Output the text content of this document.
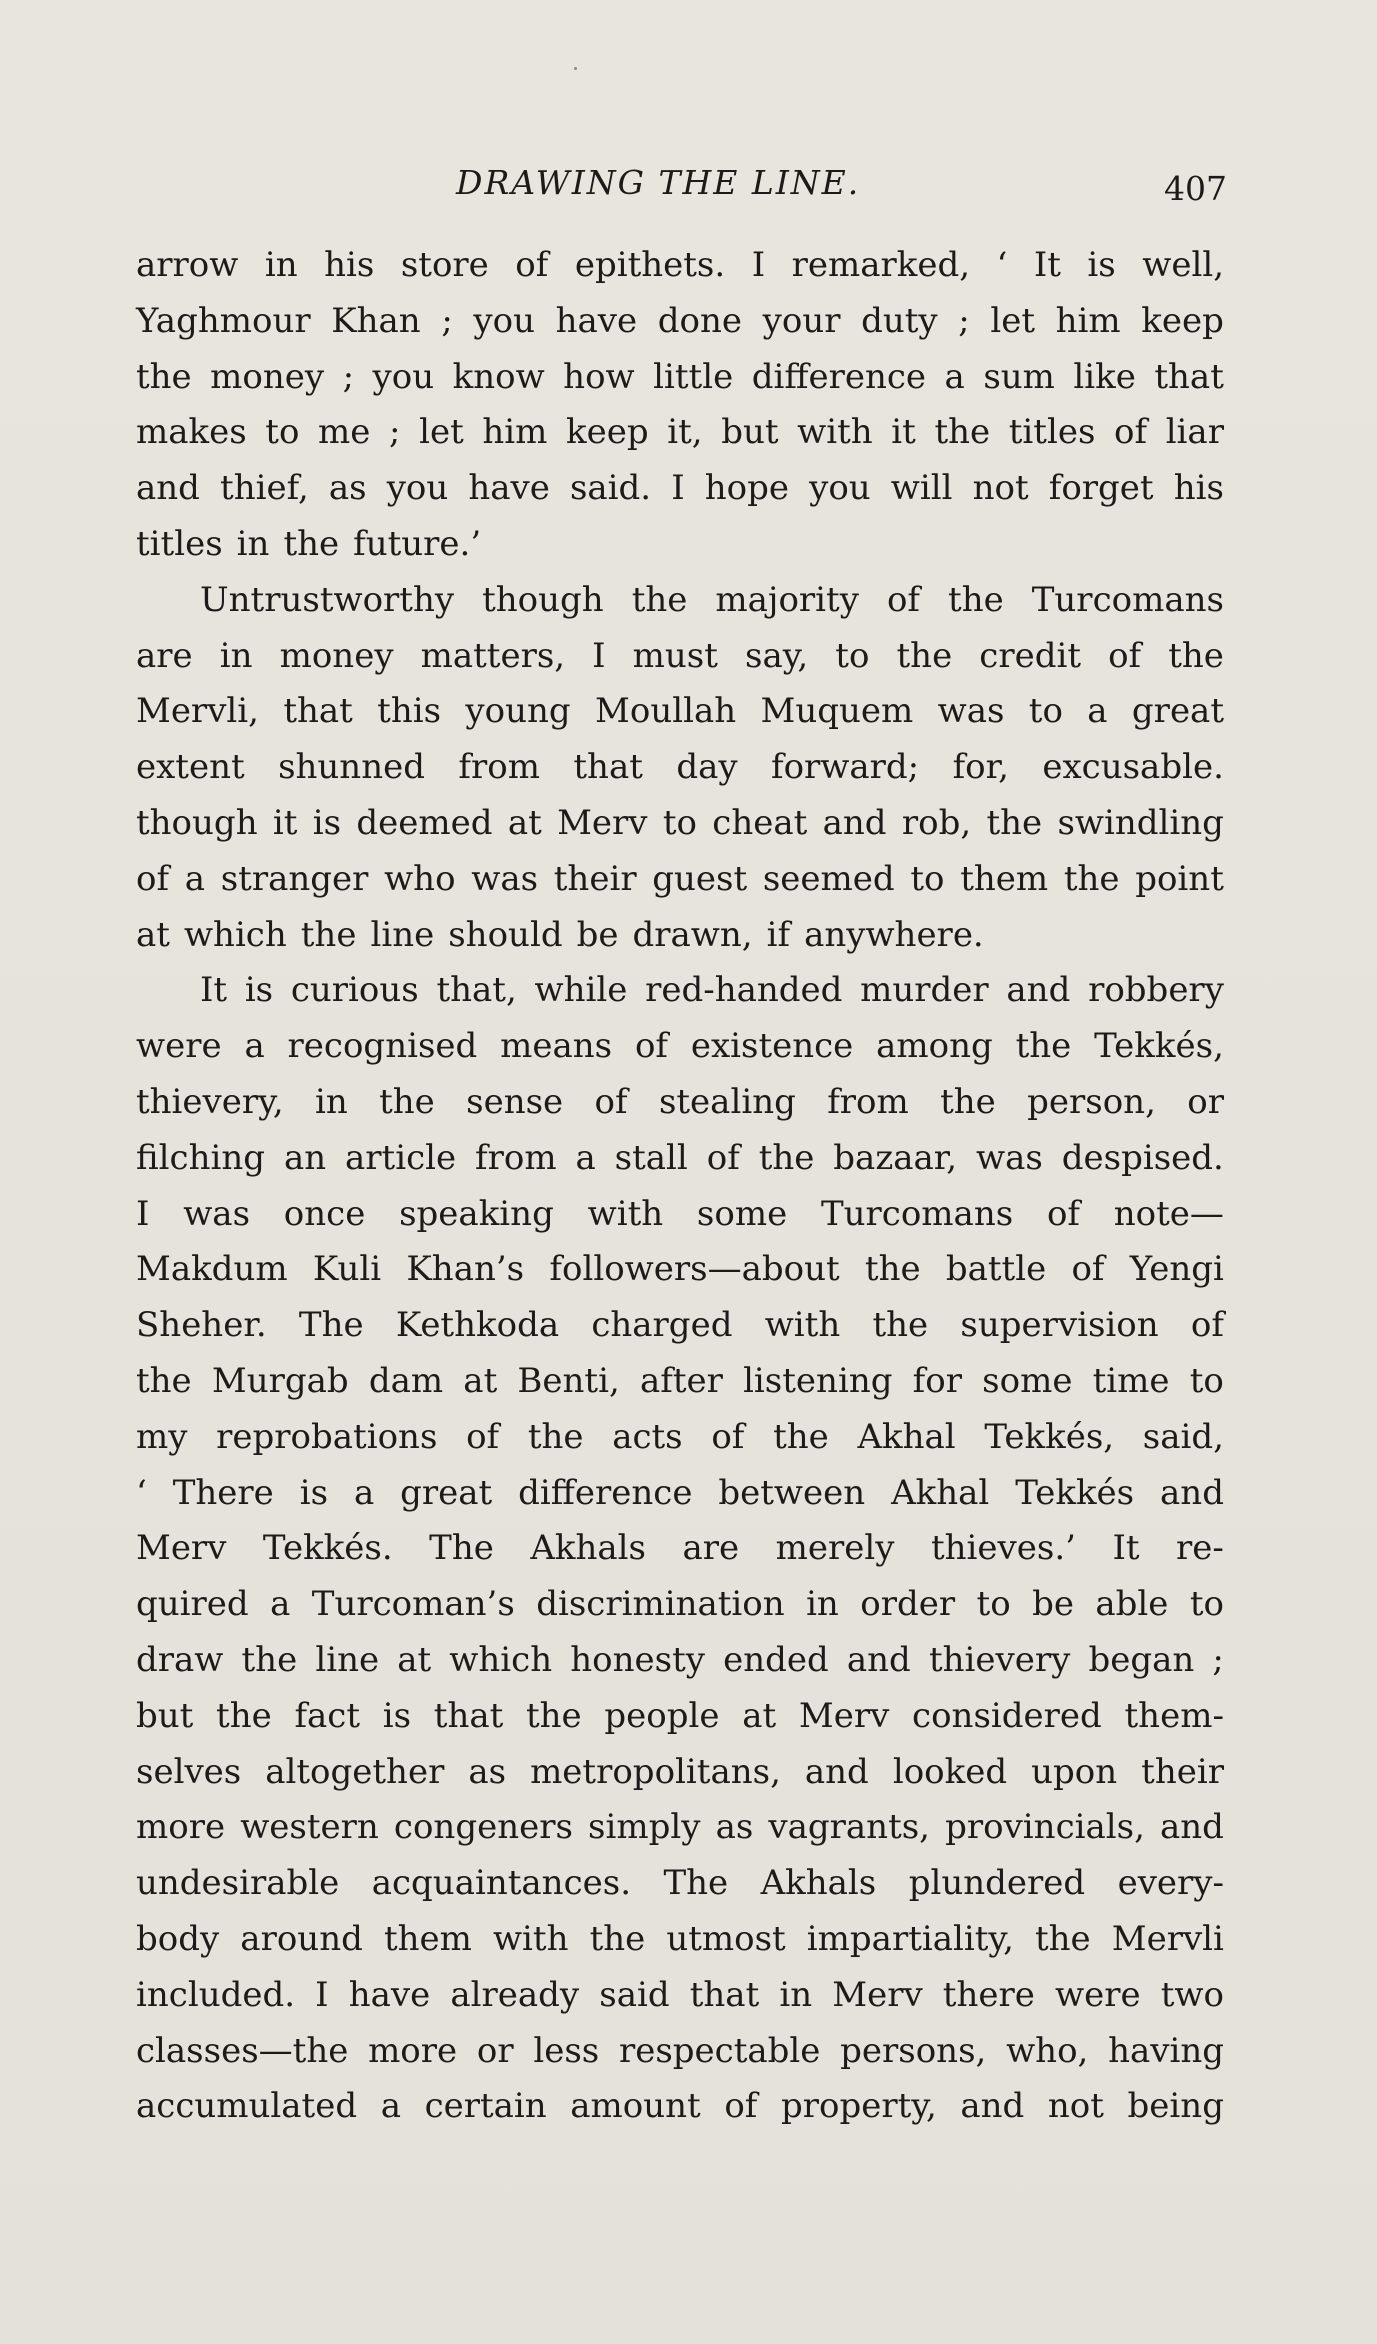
DRAWING THE LINE.	407
arrow in his store of epithets. I remarked, ‘ It is well,
Yaghmour Khan ; you have done your duty ; let him keep
the money ; you know how little difference a sum like that
makes to me ; let him keep it, but with it the titles of liar
and thief, as you have said. I hope you will not forget his
titles in the future.’
Untrustworthy though the majority of the Turcomans
are in money matters, I must say, to the credit of the
Mervli, that this young Moullah Muquem was to a great
extent shunned from that day forward; for, excusable.
though it is deemed at Merv to cheat and rob, the swindling
of a stranger who was their guest seemed to them the point
at which the line should be drawn, if anywhere.
It is curious that, while red-handed murder and robbery
were a recognised means of existence among the Tekkés,
thievery, in the sense of stealing from the person, or
filching an article from a stall of the bazaar, was despised.
I was once speaking with some Turcomans of note—
Makdum Kuli Khan’s followers—about the battle of Yengi
Sheher. The Kethkoda charged with the supervision of
the Murgab dam at Benti, after listening for some time to
my reprobations of the acts of the Akhal Tekkés, said,
‘ There is a great difference between Akhal Tekkés and
Merv Tekkés. The Akhals are merely thieves.’ It re-
quired a Turcoman’s discrimination in order to be able to
draw the line at which honesty ended and thievery began ;
but the fact is that the people at Merv considered them-
selves altogether as metropolitans, and looked upon their
more western congeners simply as vagrants, provincials, and
undesirable acquaintances. The Akhals plundered every-
body around them with the utmost impartiality, the Mervli
included. I have already said that in Merv there were two
classes—the more or less respectable persons, who, having
accumulated a certain amount of property, and not being
